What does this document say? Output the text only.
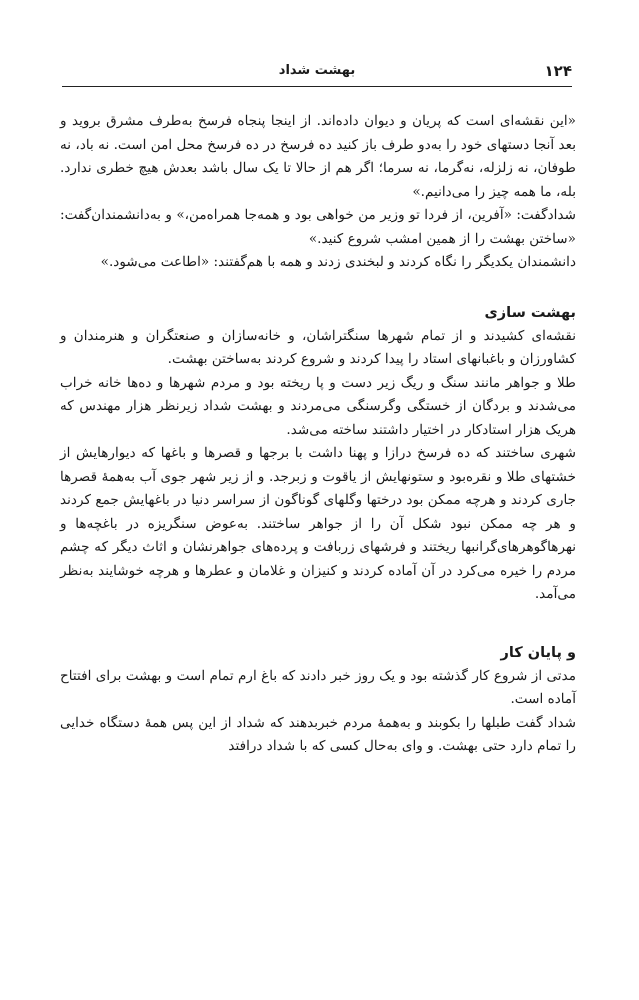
۱۲۴
بهشت شداد

«این نقشه‌ای است که پریان و دیوان داده‌اند. از اینجا پنجاه فرسخ به‌طرف مشرق بروید و بعد آنجا دستهای خود را به‌دو طرف باز کنید ده فرسخ در ده فرسخ محل امن است. نه باد، نه طوفان، نه زلزله، نه‌گرما، نه سرما؛ اگر هم از حالا تا یک سال باشد بعدش هیچ خطری ندارد. بله، ما همه چیز را می‌دانیم.»

شدادگفت: «آفرین، از فردا تو وزیر من خواهی بود و همه‌جا همراه‌من،» و به‌دانشمندان‌گفت: «ساختن بهشت را از همین امشب شروع کنید.»

دانشمندان یکدیگر را نگاه کردند و لبخندی زدند و همه با هم‌گفتند: «اطاعت می‌شود.»

بهشت سازی

نقشه‌ای کشیدند و از تمام شهرها سنگتراشان، و خانه‌سازان و صنعتگران و هنرمندان و کشاورزان و باغبانهای استاد را پیدا کردند و شروع کردند به‌ساختن بهشت.

طلا و جواهر مانند سنگ و ریگ زیر دست و پا ریخته بود و مردم شهرها و ده‌ها خانه خراب می‌شدند و بردگان از خستگی وگرسنگی می‌مردند و بهشت شداد زیرنظر هزار مهندس که هریک هزار استادکار در اختیار داشتند ساخته می‌شد.

شهری ساختند که ده فرسخ درازا و پهنا داشت با برجها و قصرها و باغها که دیوارهایش از خشتهای طلا و نقره‌بود و ستونهایش از یاقوت و زبرجد. و از زیر شهر جوی آب به‌همهٔ قصرها جاری کردند و هرچه ممکن بود درختها وگلهای گوناگون از سراسر دنیا در باغهایش جمع کردند و هر چه ممکن نبود شکل آن را از جواهر ساختند. به‌عوض سنگریزه در باغچه‌ها و نهرهاگوهرهای‌گرانبها ریختند و فرشهای زربافت و پرده‌های جواهرنشان و اثاث دیگر که چشم مردم را خیره می‌کرد در آن آماده کردند و کنیزان و غلامان و عطرها و هرچه خوشایند به‌نظر می‌آمد.

و پایان کار

مدتی از شروع کار گذشته بود و یک روز خبر دادند که باغ ارم تمام است و بهشت برای افتتاح آماده است.

شداد گفت طبلها را بکوبند و به‌همهٔ مردم خبربدهند که شداد از این پس همهٔ دستگاه خدایی را تمام دارد حتی بهشت. و وای به‌حال کسی که با شداد درافتد
